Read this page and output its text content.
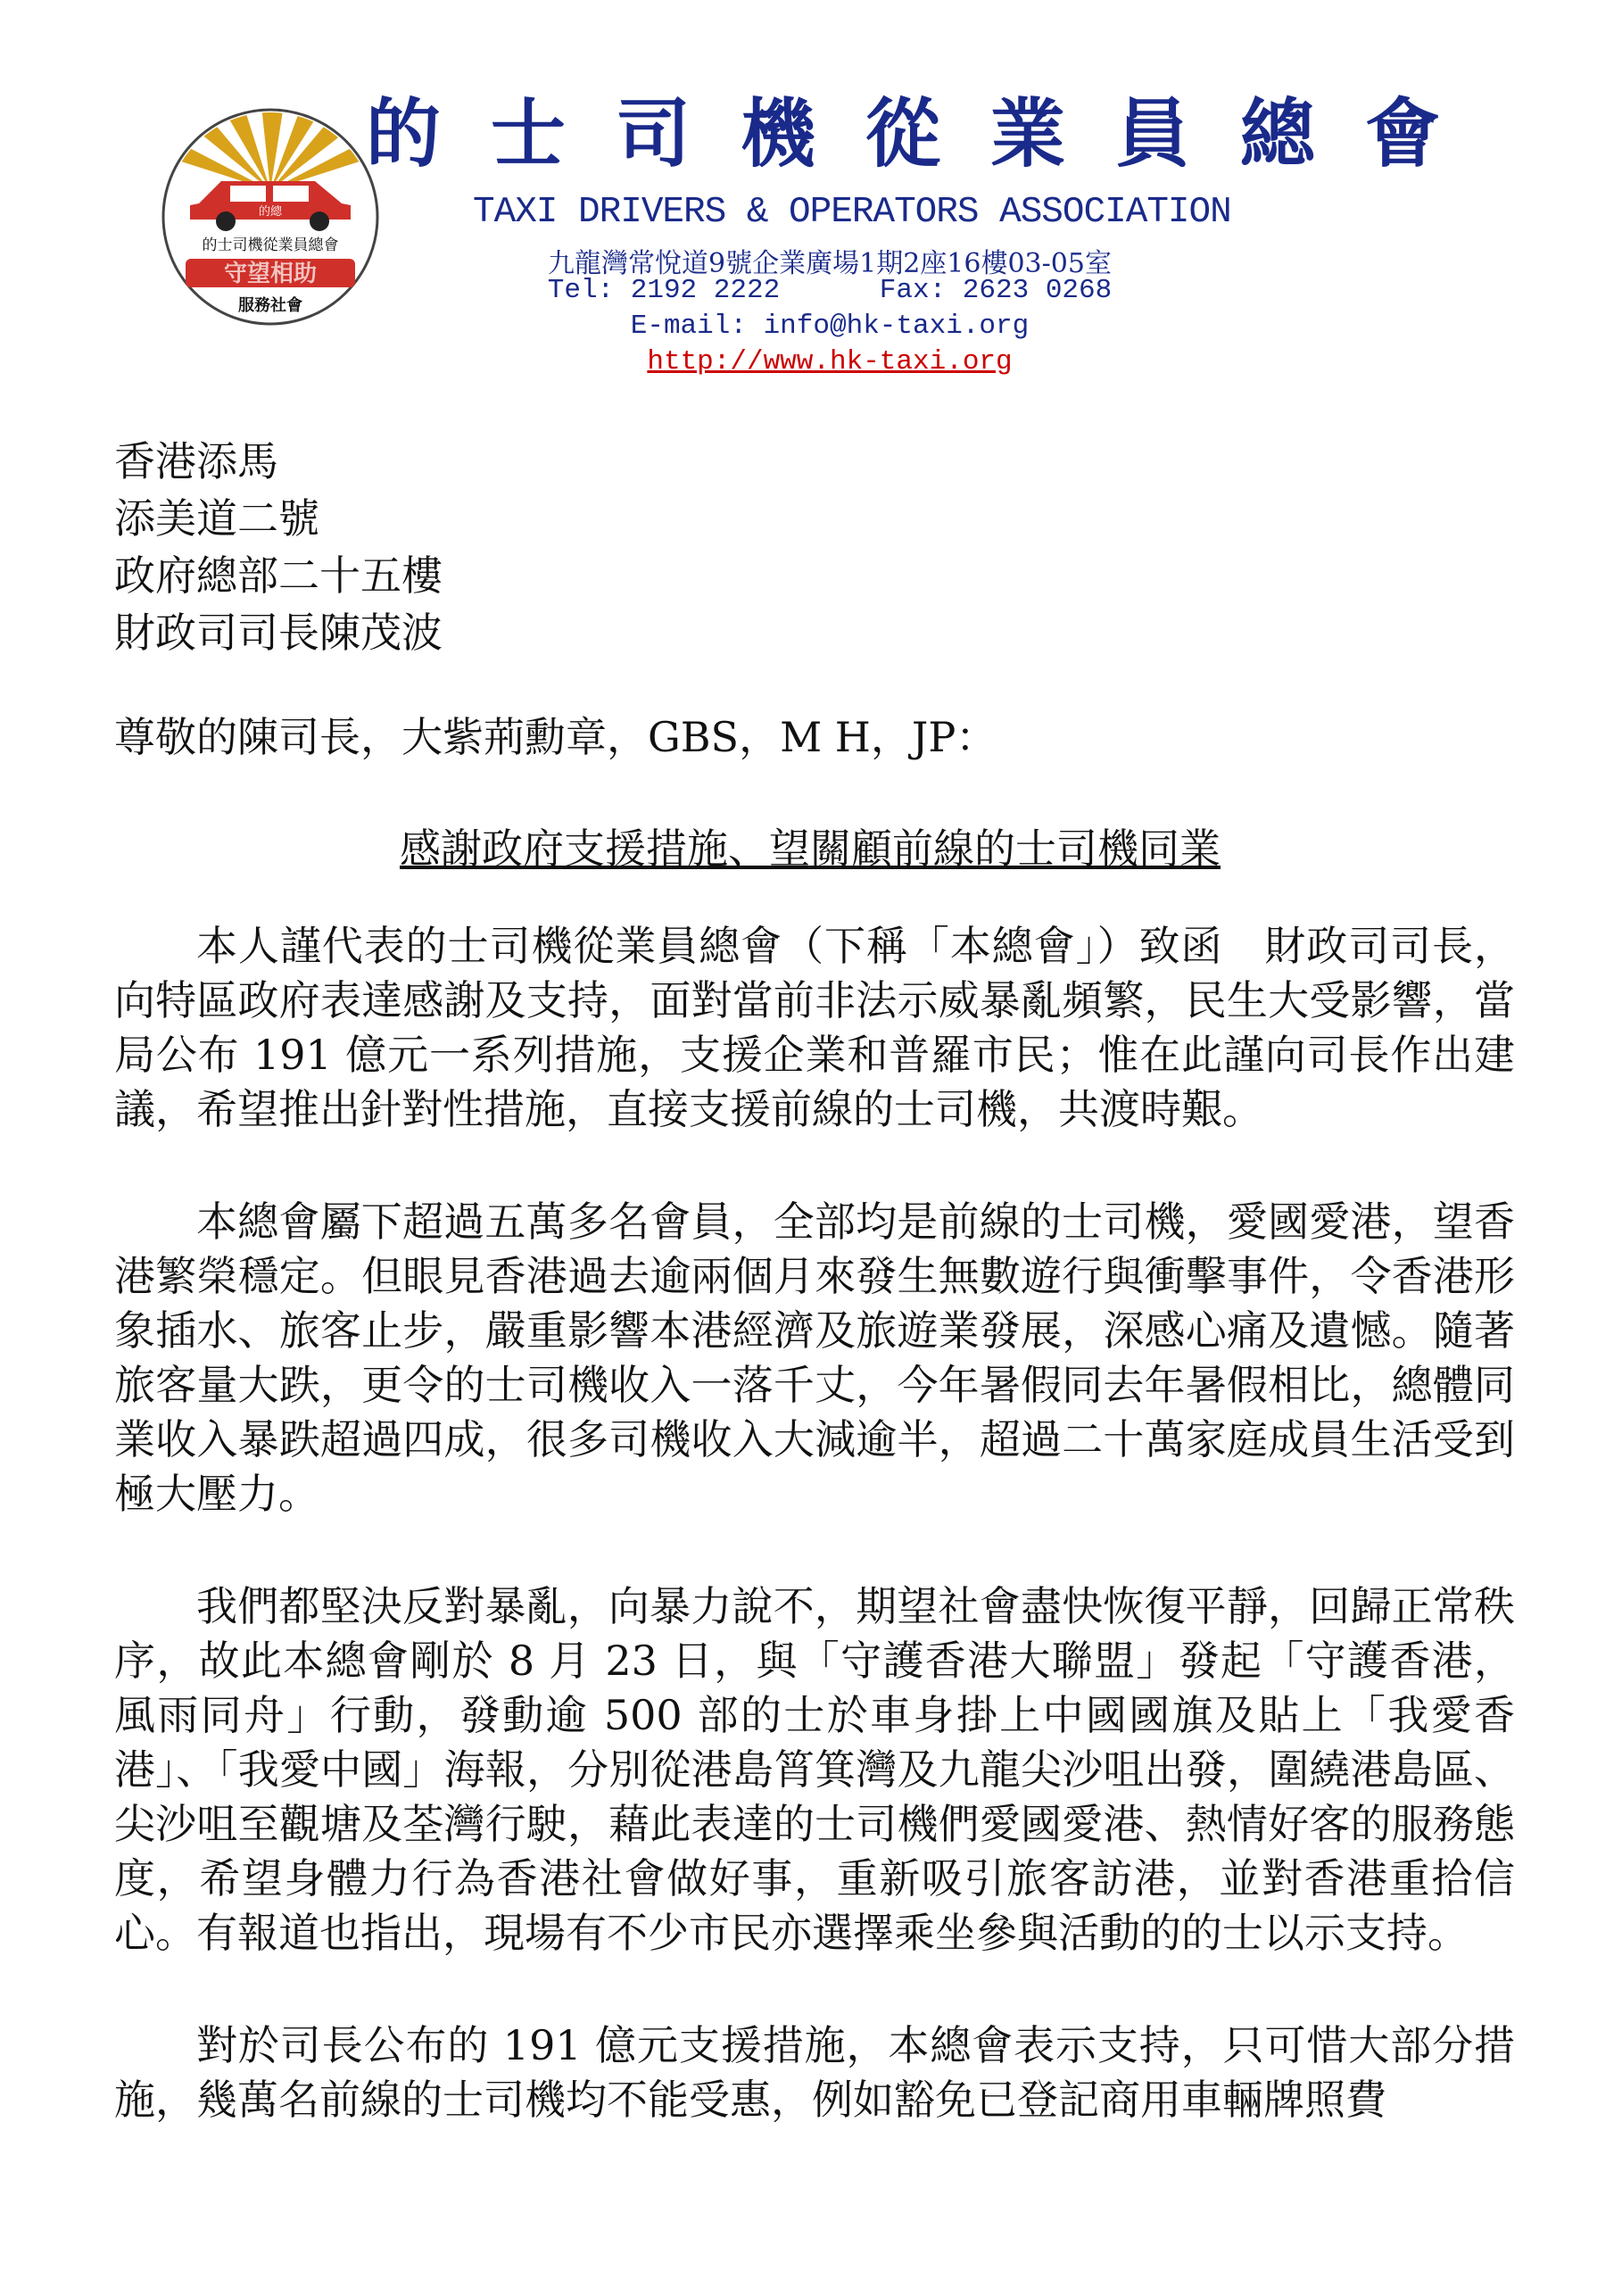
的總
的士司機從業員總會
守望相助
服務社會
的士司機從業員總會
TAXI DRIVERS & OPERATORS ASSOCIATION
九龍灣常悅道9號企業廣場1期2座16樓03-05室
Tel: 2192 2222      Fax: 2623 0268
E-mail: info@hk-taxi.org
http://www.hk-taxi.org
香港添馬
添美道二號
政府總部二十五樓
財政司司長陳茂波
尊敬的陳司長，大紫荊勳章，GBS，M H，JP：
感謝政府支援措施、望關顧前線的士司機同業

本人謹代表的士司機從業員總會（下稱「本總會」）致函　財政司司長，向特區政府表達感謝及支持，面對當前非法示威暴亂頻繁，民生大受影響，當局公布 191 億元一系列措施，支援企業和普羅市民；惟在此謹向司長作出建議，希望推出針對性措施，直接支援前線的士司機，共渡時艱。

本總會屬下超過五萬多名會員，全部均是前線的士司機，愛國愛港，望香港繁榮穩定。但眼見香港過去逾兩個月來發生無數遊行與衝擊事件，令香港形象插水、旅客止步，嚴重影響本港經濟及旅遊業發展，深感心痛及遺憾。隨著旅客量大跌，更令的士司機收入一落千丈，今年暑假同去年暑假相比，總體同業收入暴跌超過四成，很多司機收入大減逾半，超過二十萬家庭成員生活受到極大壓力。

我們都堅決反對暴亂，向暴力說不，期望社會盡快恢復平靜，回歸正常秩序，故此本總會剛於 8 月 23 日，與「守護香港大聯盟」發起「守護香港，風雨同舟」行動，發動逾 500 部的士於車身掛上中國國旗及貼上「我愛香港」、「我愛中國」海報，分別從港島筲箕灣及九龍尖沙咀出發，圍繞港島區、尖沙咀至觀塘及荃灣行駛，藉此表達的士司機們愛國愛港、熱情好客的服務態度，希望身體力行為香港社會做好事，重新吸引旅客訪港，並對香港重拾信心。有報道也指出，現場有不少市民亦選擇乘坐參與活動的的士以示支持。

對於司長公布的 191 億元支援措施，本總會表示支持，只可惜大部分措施，幾萬名前線的士司機均不能受惠，例如豁免已登記商用車輛牌照費
